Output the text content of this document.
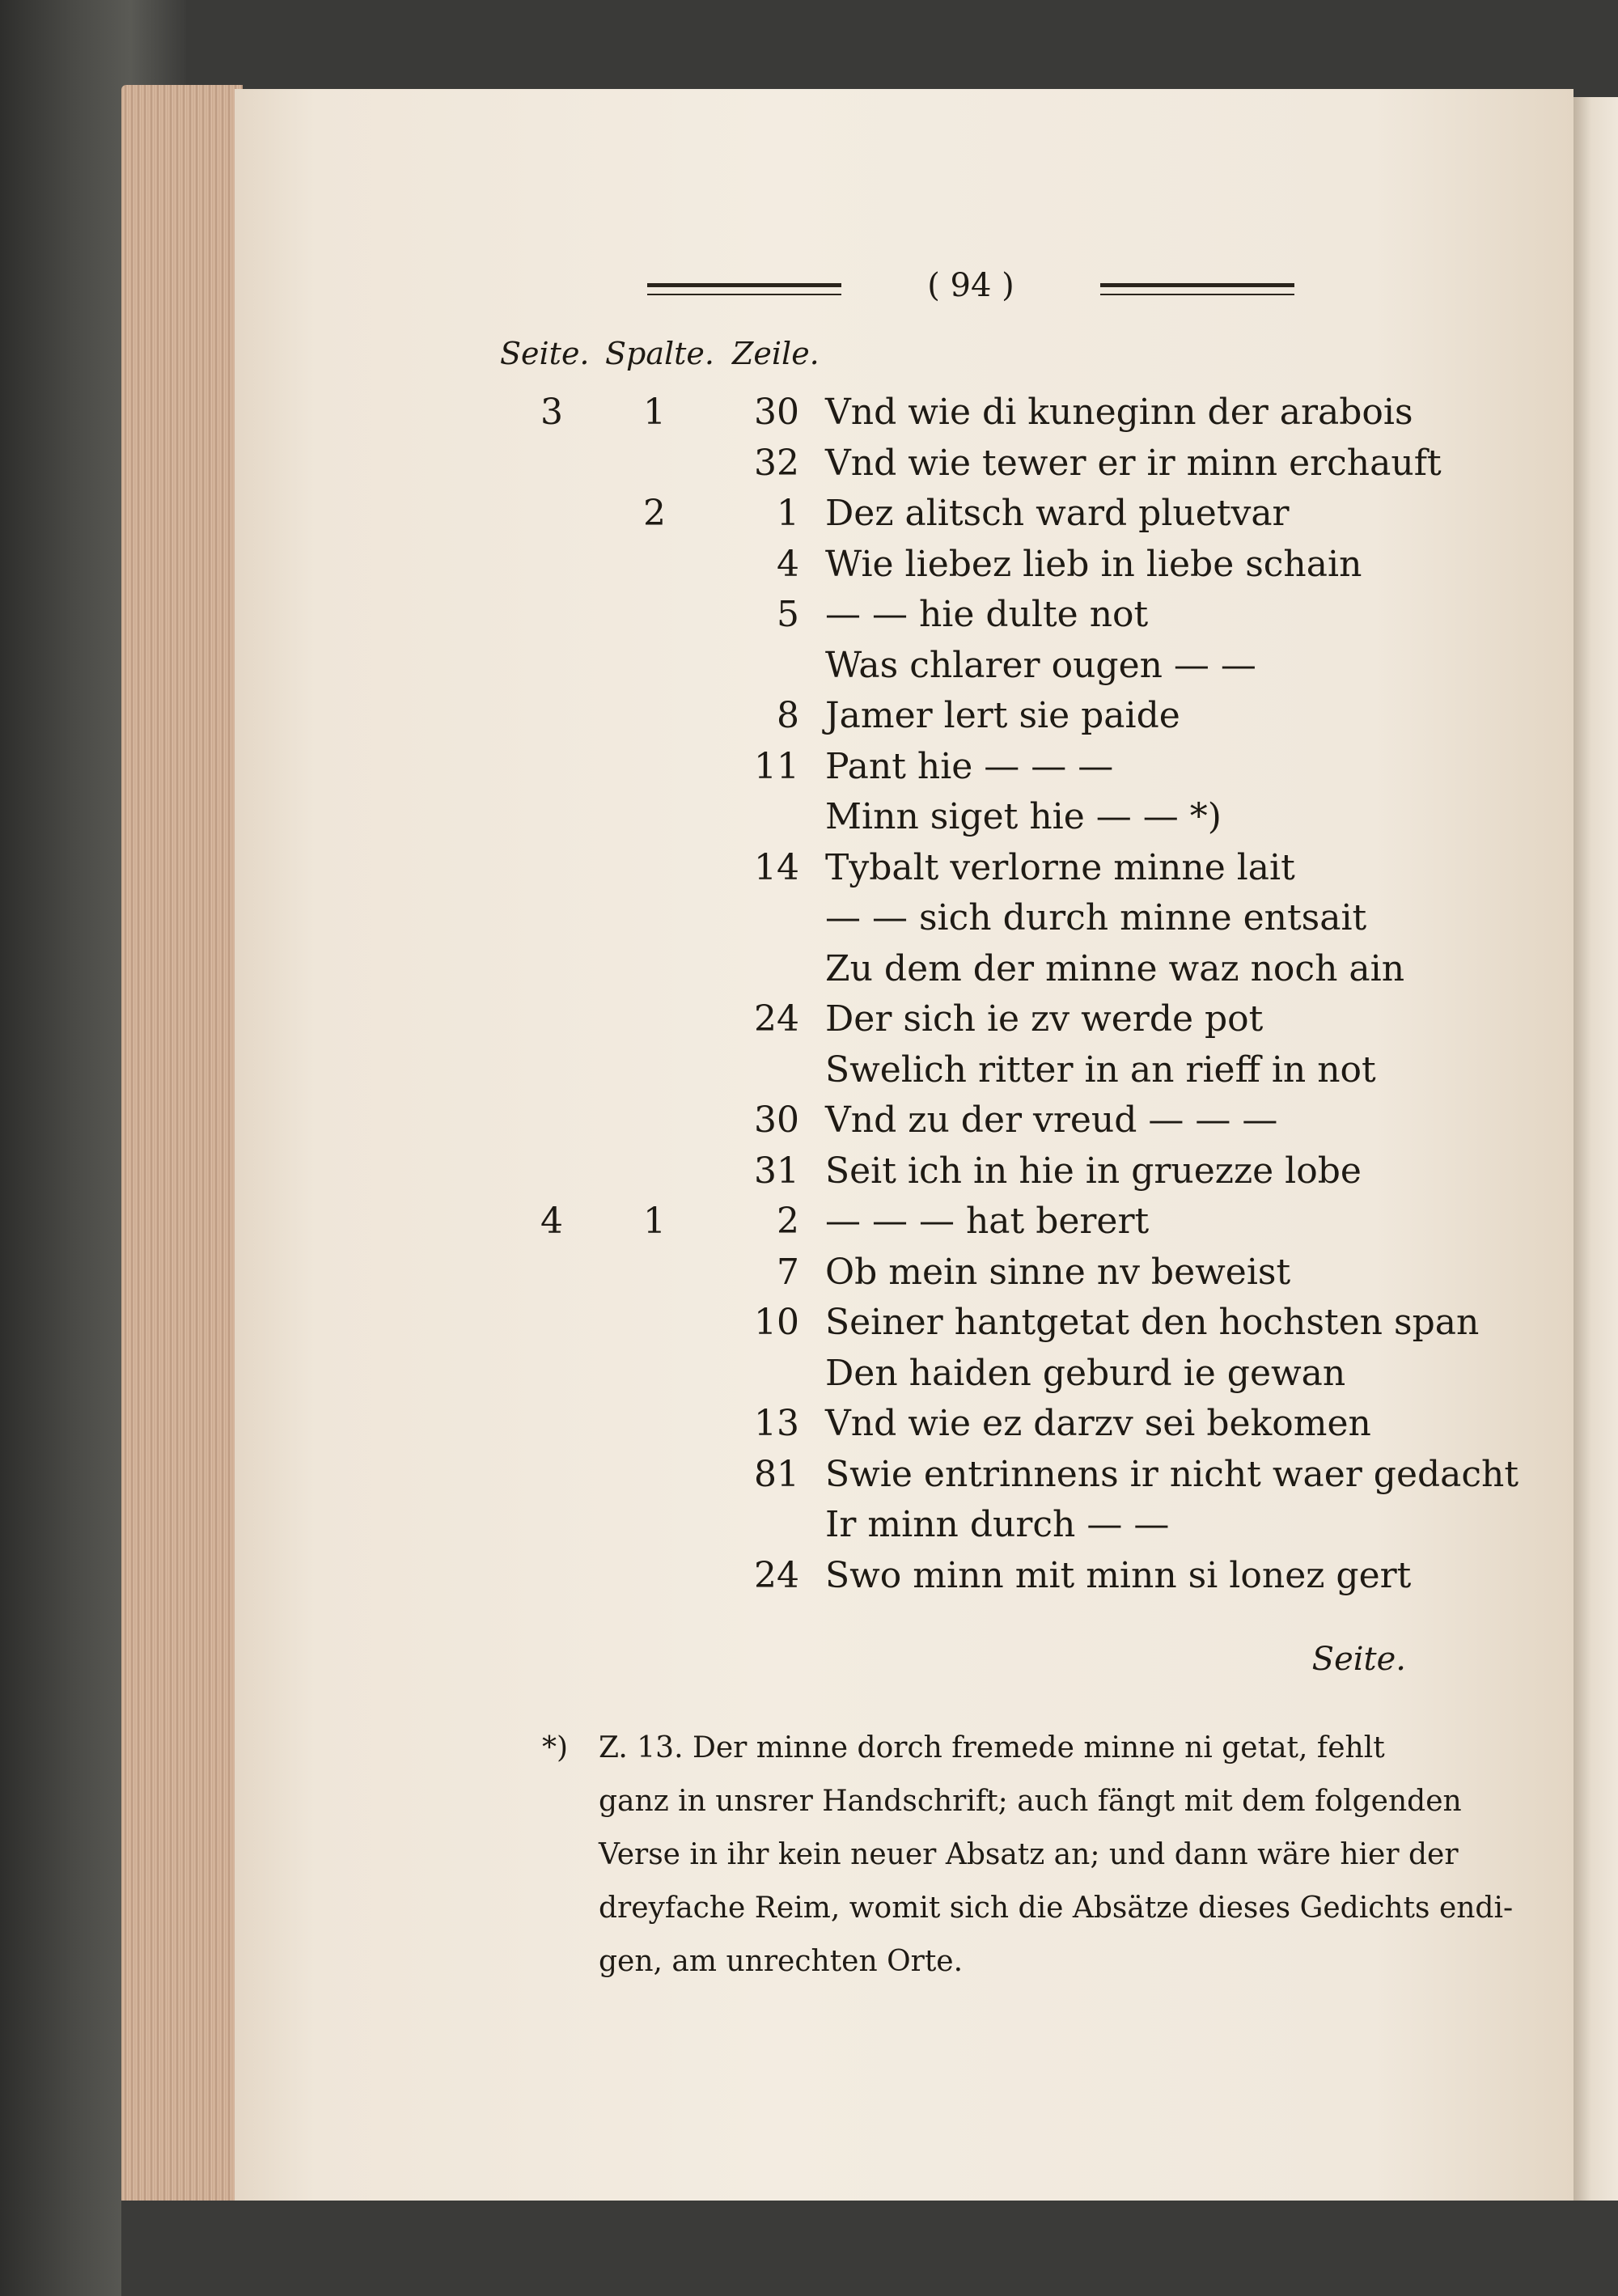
( 94 )
Seite. Spalte. Zeile.
3 1 30 Vnd wie di kuneginn der arabois
32 Vnd wie tewer er ir minn erchauft
2	1 Dez alitsch ward pluetvar
4 Wie liebez lieb in liebe schain
5 — — hie dulte not
Was chlarer ougen — —
8 Jamer lert sie paide
11 Pant hie — — —
Minn siget hie — — *)
14 Tybalt verlorne minne lait
— — sich durch minne entsait
Zu dem der minne waz noch ain
24 Der sich ie zv werde pot
Swelich ritter in an rieff in not
30 Vnd zu der vreud — — —
31 Seit ich in hie in gruezze lobe
4 1	2 — — — hat berert
7 Ob mein sinne nv beweist
10 Seiner hantgetat den hochsten span
Den haiden geburd ie gewan
13 Vnd wie ez darzv sei bekomen
81 Swie entrinnens ir nicht waer gedacht
Ir minn durch — —
24 Swo minn mit minn si lonez gert
Seite.
*) Z. 13. Der minne dorch fremede minne ni getat, fehlt
ganz in unsrer Handschrift; auch fängt mit dem folgenden
Verse in ihr kein neuer Absatz an; und dann wäre hier der
dreyfache Reim, womit sich die Absätze dieses Gedichts endi-
gen, am unrechten Orte.
